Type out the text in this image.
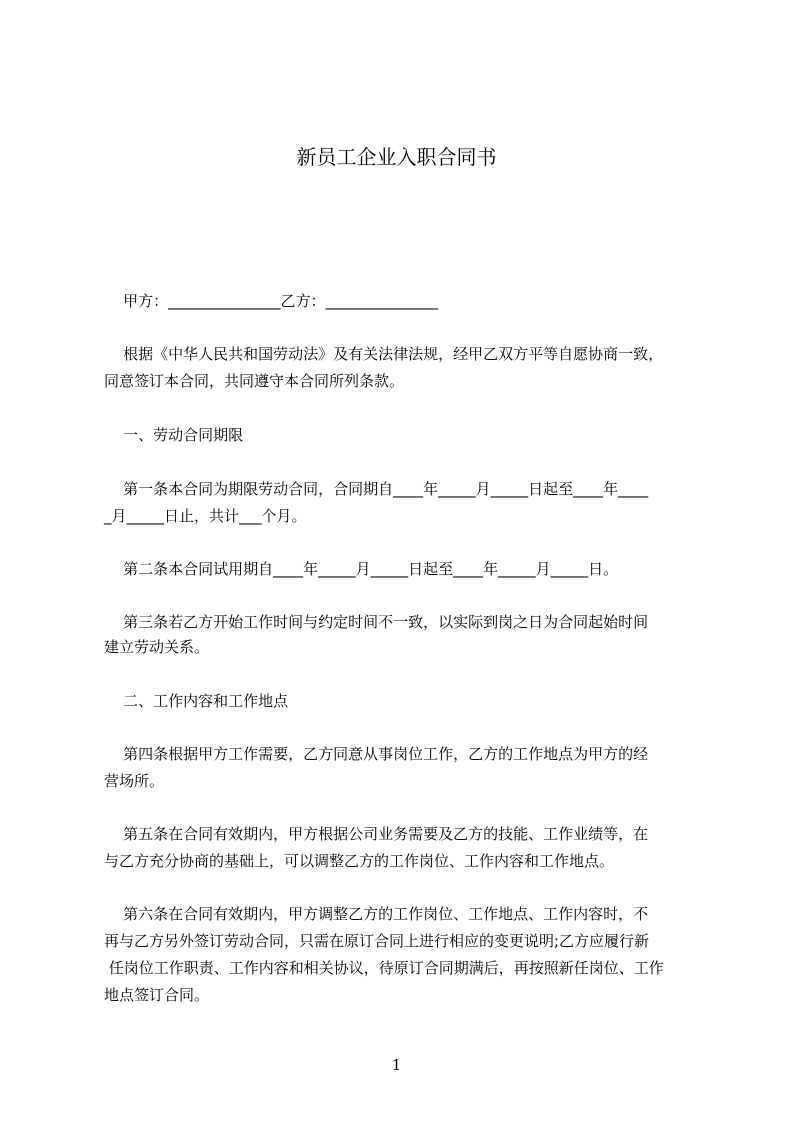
新员工企业入职合同书
甲方：_______________乙方：_______________
根据《中华人民共和国劳动法》及有关法律法规，经甲乙双方平等自愿协商一致，
同意签订本合同，共同遵守本合同所列条款。
一、劳动合同期限
第一条本合同为期限劳动合同，合同期自____年_____月_____日起至____年____
_月_____日止，共计___个月。
第二条本合同试用期自____年_____月_____日起至____年_____月_____日。
第三条若乙方开始工作时间与约定时间不一致，以实际到岗之日为合同起始时间
建立劳动关系。
二、工作内容和工作地点
第四条根据甲方工作需要，乙方同意从事岗位工作，乙方的工作地点为甲方的经
营场所。
第五条在合同有效期内，甲方根据公司业务需要及乙方的技能、工作业绩等，在
与乙方充分协商的基础上，可以调整乙方的工作岗位、工作内容和工作地点。
第六条在合同有效期内，甲方调整乙方的工作岗位、工作地点、工作内容时，不
再与乙方另外签订劳动合同，只需在原订合同上进行相应的变更说明;乙方应履行新
任岗位工作职责、工作内容和相关协议，待原订合同期满后，再按照新任岗位、工作
地点签订合同。
1
